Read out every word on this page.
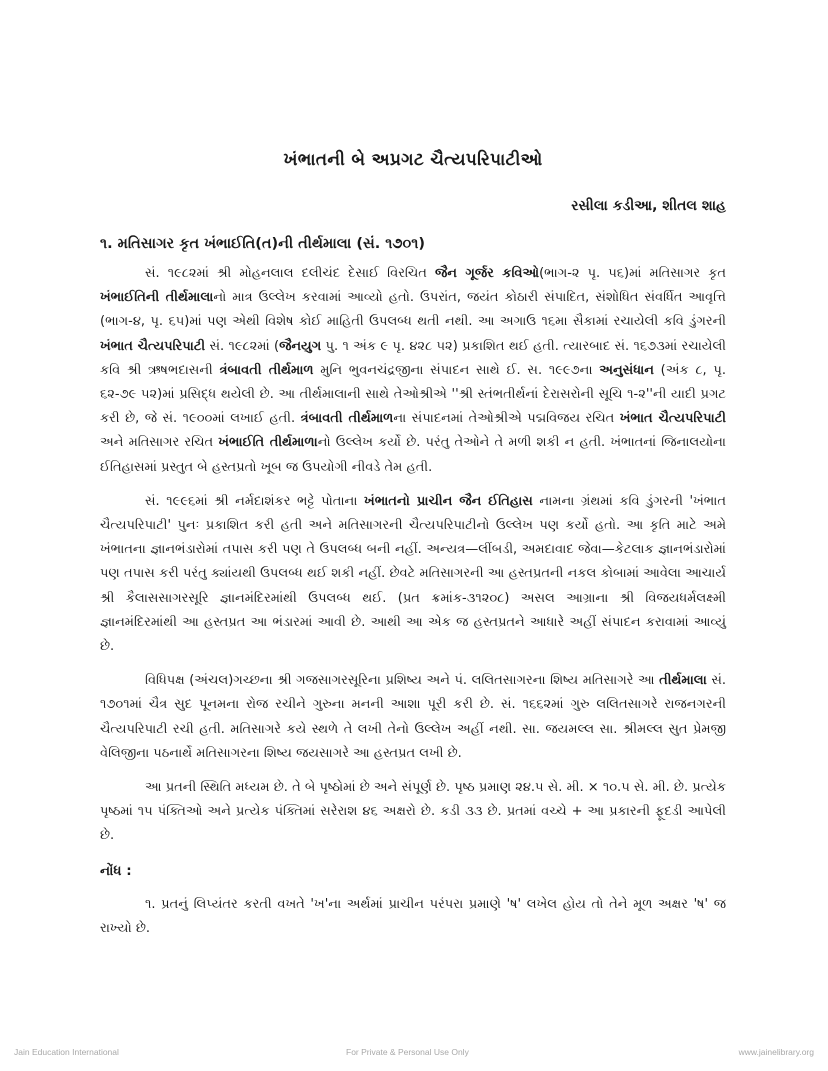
ખંભાતની બે અપ્રગટ ચૈત્યપરિપાટીઓ
રસીલા કડીઆ, શીતલ શાહ
૧. મતિસાગર કૃત ખંભાઈતિ(ત)ની તીર્થમાલા (સં. ૧૭૦૧)

સં. ૧૯૮૨માં શ્રી મોહનલાલ દલીચંદ દેસાઈ વિરચિત જૈન ગૂર્જર કવિઓ(ભાગ-૨ પૃ. ૫૬)માં મતિસાગર કૃત ખંભાઈતિની તીર્થમાલાનો માત્ર ઉલ્લેખ કરવામાં આવ્યો હતો. ઉપરાંત, જયંત કોઠારી સંપાદિત, સંશોધિત સંવર્ધિત આવૃત્તિ (ભાગ-૪, પૃ. ૬૫)માં પણ એથી વિશેષ કોઈ માહિતી ઉપલબ્ધ થતી નથી. આ અગાઉ ૧૬મા સૈકામાં રચાયેલી કવિ ડુંગરની ખંભાત ચૈત્યપરિપાટી સં. ૧૯૮૨માં (જૈનયુગ પુ. ૧ અંક ૯ પૃ. ૪૨૮ ૫૨) પ્રકાશિત થઈ હતી. ત્યારબાદ સં. ૧૬૭૩માં રચાયેલી કવિ શ્રી ઋષભદાસની ત્રંબાવતી તીર્થમાળ મુનિ ભુવનચંદ્રજીના સંપાદન સાથે ઈ. સ. ૧૯૯૭ના અનુસંધાન (અંક ૮, પૃ. ૬૨-૭૯ ૫૨)માં પ્રસિદ્ધ થયેલી છે. આ તીર્થમાલાની સાથે તેઓશ્રીએ ''શ્રી સ્તંભતીર્થનાં દેરાસરોની સૂચિ ૧-૨''ની યાદી પ્રગટ કરી છે, જે સં. ૧૯૦૦માં લખાઈ હતી. ત્રંબાવતી તીર્થમાળના સંપાદનમાં તેઓશ્રીએ પદ્મવિજય રચિત ખંભાત ચૈત્યપરિપાટી અને મતિસાગર રચિત ખંભાઈતિ તીર્થમાળાનો ઉલ્લેખ કર્યો છે. પરંતુ તેઓને તે મળી શકી ન હતી. ખંભાતનાં જિનાલયોના ઈતિહાસમાં પ્રસ્તુત બે હસ્તપ્રતો ખૂબ જ ઉપયોગી નીવડે તેમ હતી.

સં. ૧૯૯૬માં શ્રી નર્મદાશંકર ભટ્ટે પોતાના ખંભાતનો પ્રાચીન જૈન ઈતિહાસ નામના ગ્રંથમાં કવિ ડુંગરની 'ખંભાત ચૈત્યપરિપાટી' પુનઃ પ્રકાશિત કરી હતી અને મતિસાગરની ચૈત્યપરિપાટીનો ઉલ્લેખ પણ કર્યો હતો. આ કૃતિ માટે અમે ખંભાતના જ્ઞાનભંડારોમાં તપાસ કરી પણ તે ઉપલબ્ધ બની નહીં. અન્યત્ર—લીંબડી, અમદાવાદ જેવા—કેટલાક જ્ઞાનભંડારોમાં પણ તપાસ કરી પરંતુ ક્યાંયથી ઉપલબ્ધ થઈ શકી નહીં. છેવટે મતિસાગરની આ હસ્તપ્રતની નકલ કોબામાં આવેલા આચાર્ય શ્રી કૈલાસસાગરસૂરિ જ્ઞાનમંદિરમાંથી ઉપલબ્ધ થઈ. (પ્રત ક્રમાંક-૩૧૨૦૮) અસલ આગ્રાના શ્રી વિજયધર્મલક્ષ્મી જ્ઞાનમંદિરમાંથી આ હસ્તપ્રત આ ભંડારમાં આવી છે. આથી આ એક જ હસ્તપ્રતને આધારે અહીં સંપાદન કરાવામાં આવ્યું છે.

વિધિપક્ષ (અંચલ)ગચ્છના શ્રી ગજસાગરસૂરિના પ્રશિષ્ય અને પં. લલિતસાગરના શિષ્ય મતિસાગરે આ તીર્થમાલા સં. ૧૭૦૧માં ચૈત્ર સુદ પૂનમના રોજ રચીને ગુરુના મનની આશા પૂરી કરી છે. સં. ૧૬૬૨માં ગુરુ લલિતસાગરે રાજનગરની ચૈત્યપરિપાટી રચી હતી. મતિસાગરે કયે સ્થળે તે લખી તેનો ઉલ્લેખ અહીં નથી. સા. જયમલ્લ સા. શ્રીમલ્લ સુત પ્રેમજી વેલિજીના પઠનાર્થે મતિસાગરના શિષ્ય જયસાગરે આ હસ્તપ્રત લખી છે.

આ પ્રતની સ્થિતિ મધ્યમ છે. તે બે પૃષ્ઠોમાં છે અને સંપૂર્ણ છે. પૃષ્ઠ પ્રમાણ ૨૪.૫ સે. મી. × ૧૦.૫ સે. મી. છે. પ્રત્યેક પૃષ્ઠમાં ૧૫ પંક્તિઓ અને પ્રત્યેક પંક્તિમાં સરેરાશ ૪૬ અક્ષરો છે. કડી ૩૩ છે. પ્રતમાં વચ્ચે + આ પ્રકારની ફૂદડી આપેલી છે.

નોંધ :

૧. પ્રતનું લિપ્યંતર કરતી વખતે 'ખ'ના અર્થમાં પ્રાચીન પરંપરા પ્રમાણે 'ષ' લખેલ હોય તો તેને મૂળ અક્ષર 'ષ' જ રાખ્યો છે.

Jain Education International	For Private & Personal Use Only	www.jainelibrary.org
